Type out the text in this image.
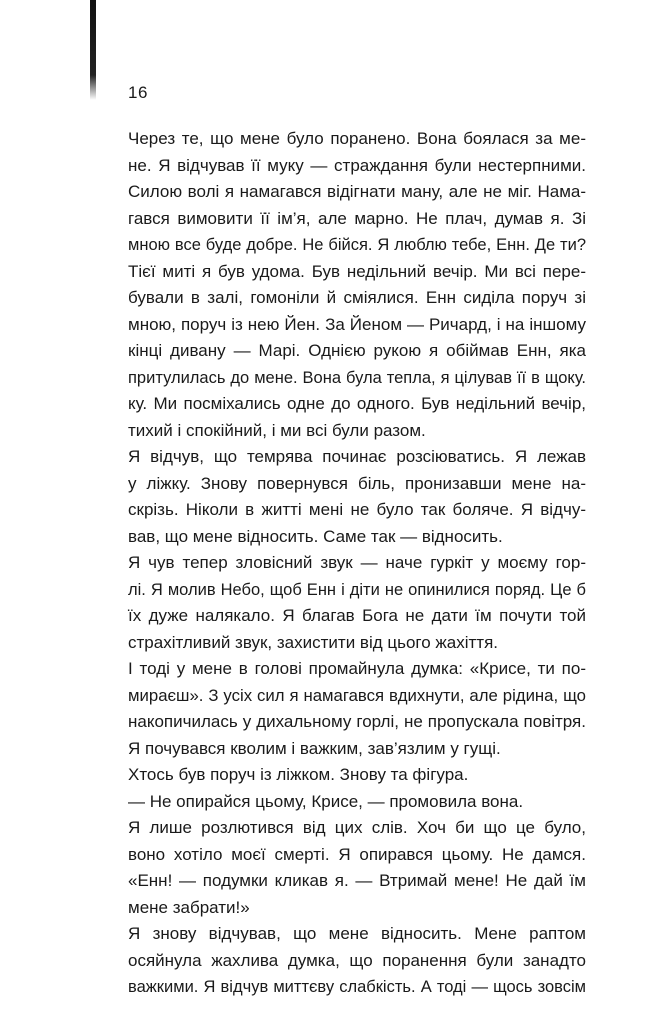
16
Через те, що мене було поранено. Вона боялася за ме-
не. Я відчував її муку — страждання були нестерпними.
Силою волі я намагався відігнати ману, але не міг. Нама-
гався вимовити її ім’я, але марно. Не плач, думав я. Зі
мною все буде добре. Не бійся. Я люблю тебе, Енн. Де ти?
Тієї миті я був удома. Був недільний вечір. Ми всі пере-
бували в залі, гомоніли й сміялися. Енн сиділа поруч зі
мною, поруч із нею Йен. За Йеном — Ричард, і на іншому
кінці дивану — Марі. Однією рукою я обіймав Енн, яка
притулилась до мене. Вона була тепла, я цілував її в щоку.
ку. Ми посміхались одне до одного. Був недільний вечір,
тихий і спокійний, і ми всі були разом.
Я відчув, що темрява починає розсіюватись. Я лежав
у ліжку. Знову повернувся біль, пронизавши мене на-
скрізь. Ніколи в житті мені не було так боляче. Я відчу-
вав, що мене відносить. Саме так — відносить.
Я чув тепер зловісний звук — наче гуркіт у моєму гор-
лі. Я молив Небо, щоб Енн і діти не опинилися поряд. Це б
їх дуже налякало. Я благав Бога не дати їм почути той
страхітливий звук, захистити від цього жахіття.
І тоді у мене в голові промайнула думка: «Крисе, ти по-
мираєш». З усіх сил я намагався вдихнути, але рідина, що
накопичилась у дихальному горлі, не пропускала повітря.
Я почувався кволим і важким, зав’язлим у гущі.
Хтось був поруч із ліжком. Знову та фігура.
— Не опирайся цьому, Крисе, — промовила вона.
Я лише розлютився від цих слів. Хоч би що це було,
воно хотіло моєї смерті. Я опирався цьому. Не дамся.
«Енн! — подумки кликав я. — Втримай мене! Не дай їм
мене забрати!»
Я знову відчував, що мене відносить. Мене раптом
осяйнула жахлива думка, що поранення були занадто
важкими. Я відчув миттєву слабкість. А тоді — щось зовсім
